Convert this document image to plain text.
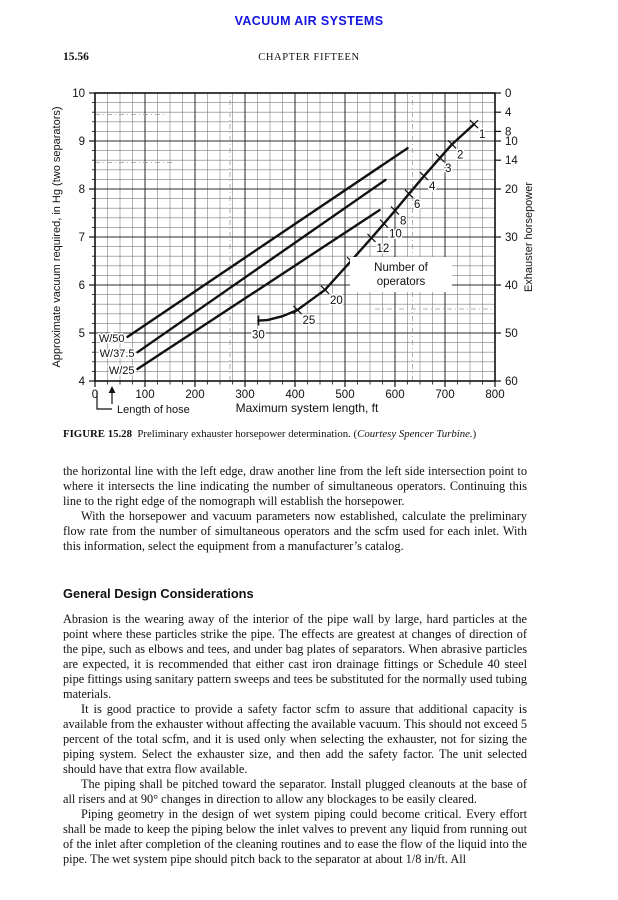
VACUUM AIR SYSTEMS
15.56	CHAPTER FIFTEEN
4
5
6
7
8
9
10	0
4
8
10
14
20
30
40
50
60
0	100	200	300	400	500	600	700	800
Approximate vacuum required, in Hg (two separators)	Exhauster horsepower
Maximum system length, ft
Length of hose
W/50
W/37.5
W/25
1
2
3
4
6
8
10
12
20
25
30
Number of
operators
FIGURE 15.28 Preliminary exhauster horsepower determination. (Courtesy Spencer Turbine.)

the horizontal line with the left edge, draw another line from the left side intersection point to where it intersects the line indicating the number of simultaneous operators. Continuing this line to the right edge of the nomograph will establish the horsepower.

With the horsepower and vacuum parameters now established, calculate the preliminary flow rate from the number of simultaneous operators and the scfm used for each inlet. With this information, select the equipment from a manufacturer’s catalog.

General Design Considerations

Abrasion is the wearing away of the interior of the pipe wall by large, hard particles at the point where these particles strike the pipe. The effects are greatest at changes of direction of the pipe, such as elbows and tees, and under bag plates of separators. When abrasive particles are expected, it is recommended that either cast iron drainage fittings or Schedule 40 steel pipe fittings using sanitary pattern sweeps and tees be substituted for the normally used tubing materials.

It is good practice to provide a safety factor scfm to assure that additional capacity is available from the exhauster without affecting the available vacuum. This should not exceed 5 percent of the total scfm, and it is used only when selecting the exhauster, not for sizing the piping system. Select the exhauster size, and then add the safety factor. The unit selected should have that extra flow available.

The piping shall be pitched toward the separator. Install plugged cleanouts at the base of all risers and at 90° changes in direction to allow any blockages to be easily cleared.

Piping geometry in the design of wet system piping could become critical. Every effort shall be made to keep the piping below the inlet valves to prevent any liquid from running out of the inlet after completion of the cleaning routines and to ease the flow of the liquid into the pipe. The wet system pipe should pitch back to the separator at about 1/8 in/ft. All
